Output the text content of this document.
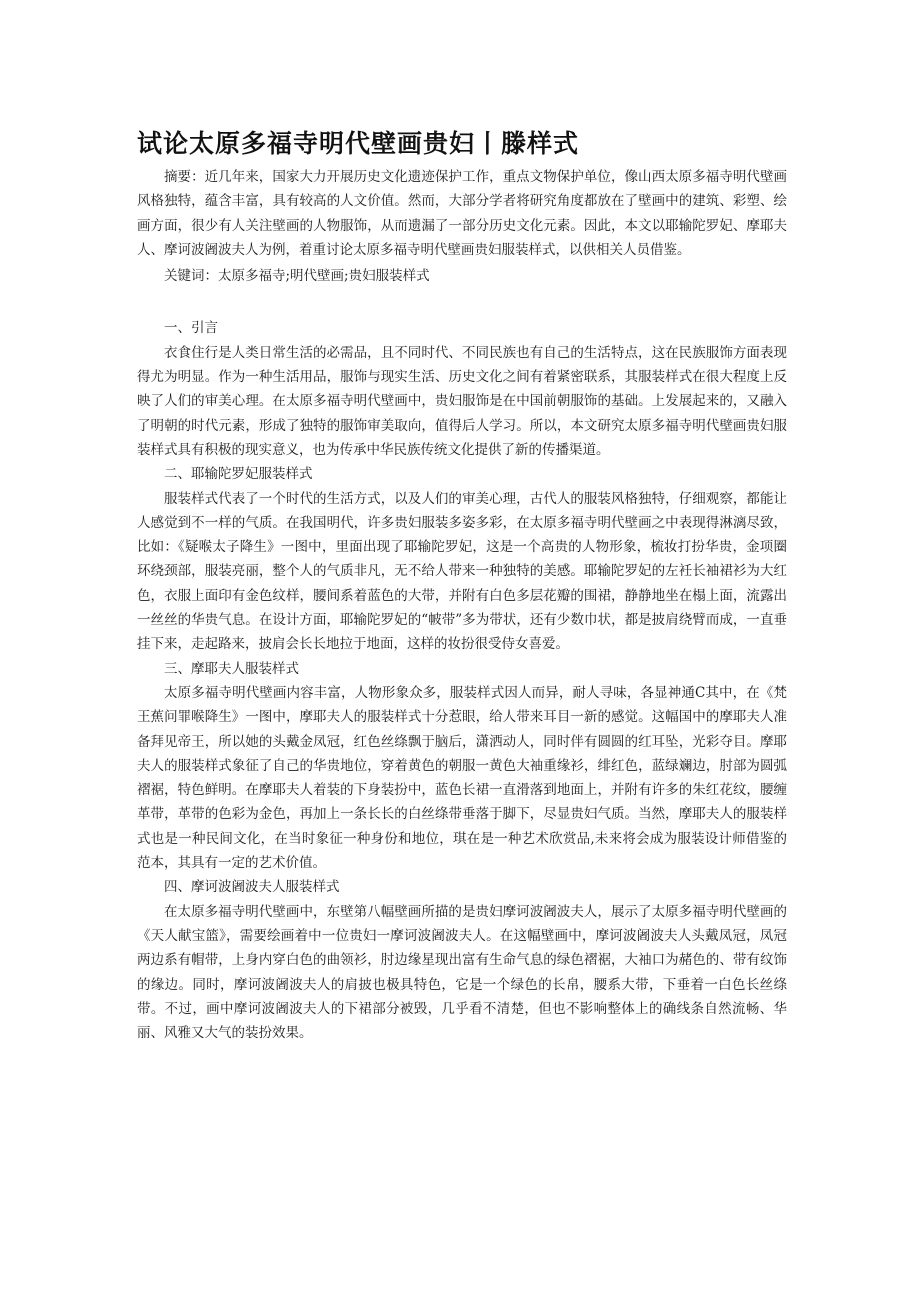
试论太原多福寺明代壁画贵妇丨滕样式

摘要：近几年来，国家大力开展历史文化遗迹保护工作，重点文物保护单位，像山西太原多福寺明代壁画风格独特，蕴含丰富，具有较高的人文价值。然而，大部分学者将研究角度都放在了壁画中的建筑、彩塑、绘画方面，很少有人关注壁画的人物服饰，从而遗漏了一部分历史文化元素。因此，本文以耶输陀罗妃、摩耶夫人、摩诃波阇波夫人为例，着重讨论太原多福寺明代壁画贵妇服装样式，以供相关人员借鉴。

关键词：太原多福寺;明代壁画;贵妇服装样式

一、引言

衣食住行是人类日常生活的必需品，且不同时代、不同民族也有自己的生活特点，这在民族服饰方面表现得尤为明显。作为一种生活用品，服饰与现实生活、历史文化之间有着紧密联系，其服装样式在很大程度上反映了人们的审美心理。在太原多福寺明代壁画中，贵妇服饰是在中国前朝服饰的基础。上发展起来的，又融入了明朝的时代元素，形成了独特的服饰审美取向，值得后人学习。所以，本文研究太原多福寺明代壁画贵妇服装样式具有积极的现实意义，也为传承中华民族传统文化提供了新的传播渠道。

二、耶输陀罗妃服装样式

服装样式代表了一个时代的生活方式，以及人们的审美心理，古代人的服装风格独特，仔细观察，都能让人感觉到不一样的气质。在我国明代，许多贵妇服装多姿多彩，在太原多福寺明代壁画之中表现得淋漓尽致，比如：《疑喉太子降生》一图中，里面出现了耶输陀罗妃，这是一个高贵的人物形象，梳妆打扮华贵，金项圈环绕颈部，服装亮丽，整个人的气质非凡，无不给人带来一种独特的美感。耶输陀罗妃的左衽长袖裙衫为大红色，衣服上面印有金色纹样，腰间系着蓝色的大带，并附有白色多层花瓣的围裙，静静地坐在榻上面，流露出一丝丝的华贵气息。在设计方面，耶输陀罗妃的“帔带”多为带状，还有少数巾状，都是披肩绕臂而成，一直垂挂下来，走起路来，披肩会长长地拉于地面，这样的妆扮很受侍女喜爱。

三、摩耶夫人服装样式

太原多福寺明代壁画内容丰富，人物形象众多，服装样式因人而异，耐人寻味，各显神通C其中，在《梵王蕉问罪喉降生》一图中，摩耶夫人的服装样式十分惹眼，给人带来耳目一新的感觉。这幅国中的摩耶夫人准备拜见帝王，所以她的头戴金凤冠，红色丝绦飘于脑后，潇洒动人，同时伴有圆圆的红耳坠，光彩夺目。摩耶夫人的服装样式象征了自己的华贵地位，穿着黄色的朝服一黄色大袖重缘衫，绯红色，蓝绿斓边，肘部为圆弧褶裾，特色鲜明。在摩耶夫人着装的下身装扮中，蓝色长裙一直滑落到地面上，并附有许多的朱红花纹，腰缠革带，革带的色彩为金色，再加上一条长长的白丝绦带垂落于脚下，尽显贵妇气质。当然，摩耶夫人的服装样式也是一种民间文化，在当时象征一种身份和地位，琪在是一种艺术欣赏品,未来将会成为服装设计师借鉴的范本，其具有一定的艺术价值。

四、摩诃波阇波夫人服装样式

在太原多福寺明代壁画中，东壁第八幅壁画所描的是贵妇摩诃波阇波夫人，展示了太原多福寺明代壁画的《天人献宝篮》，需要绘画着中一位贵妇一摩诃波阇波夫人。在这幅壁画中，摩诃波阇波夫人头戴凤冠，凤冠两边系有帽带，上身内穿白色的曲领衫，肘边缘星现出富有生命气息的绿色褶裾，大袖口为赭色的、带有纹饰的缘边。同时，摩诃波阇波夫人的肩披也极具特色，它是一个绿色的长帛，腰系大带，下垂着一白色长丝绦带。不过，画中摩诃波阇波夫人的下裙部分被毁，几乎看不清楚，但也不影响整体上的确线条自然流畅、华丽、风雅又大气的装扮效果。
